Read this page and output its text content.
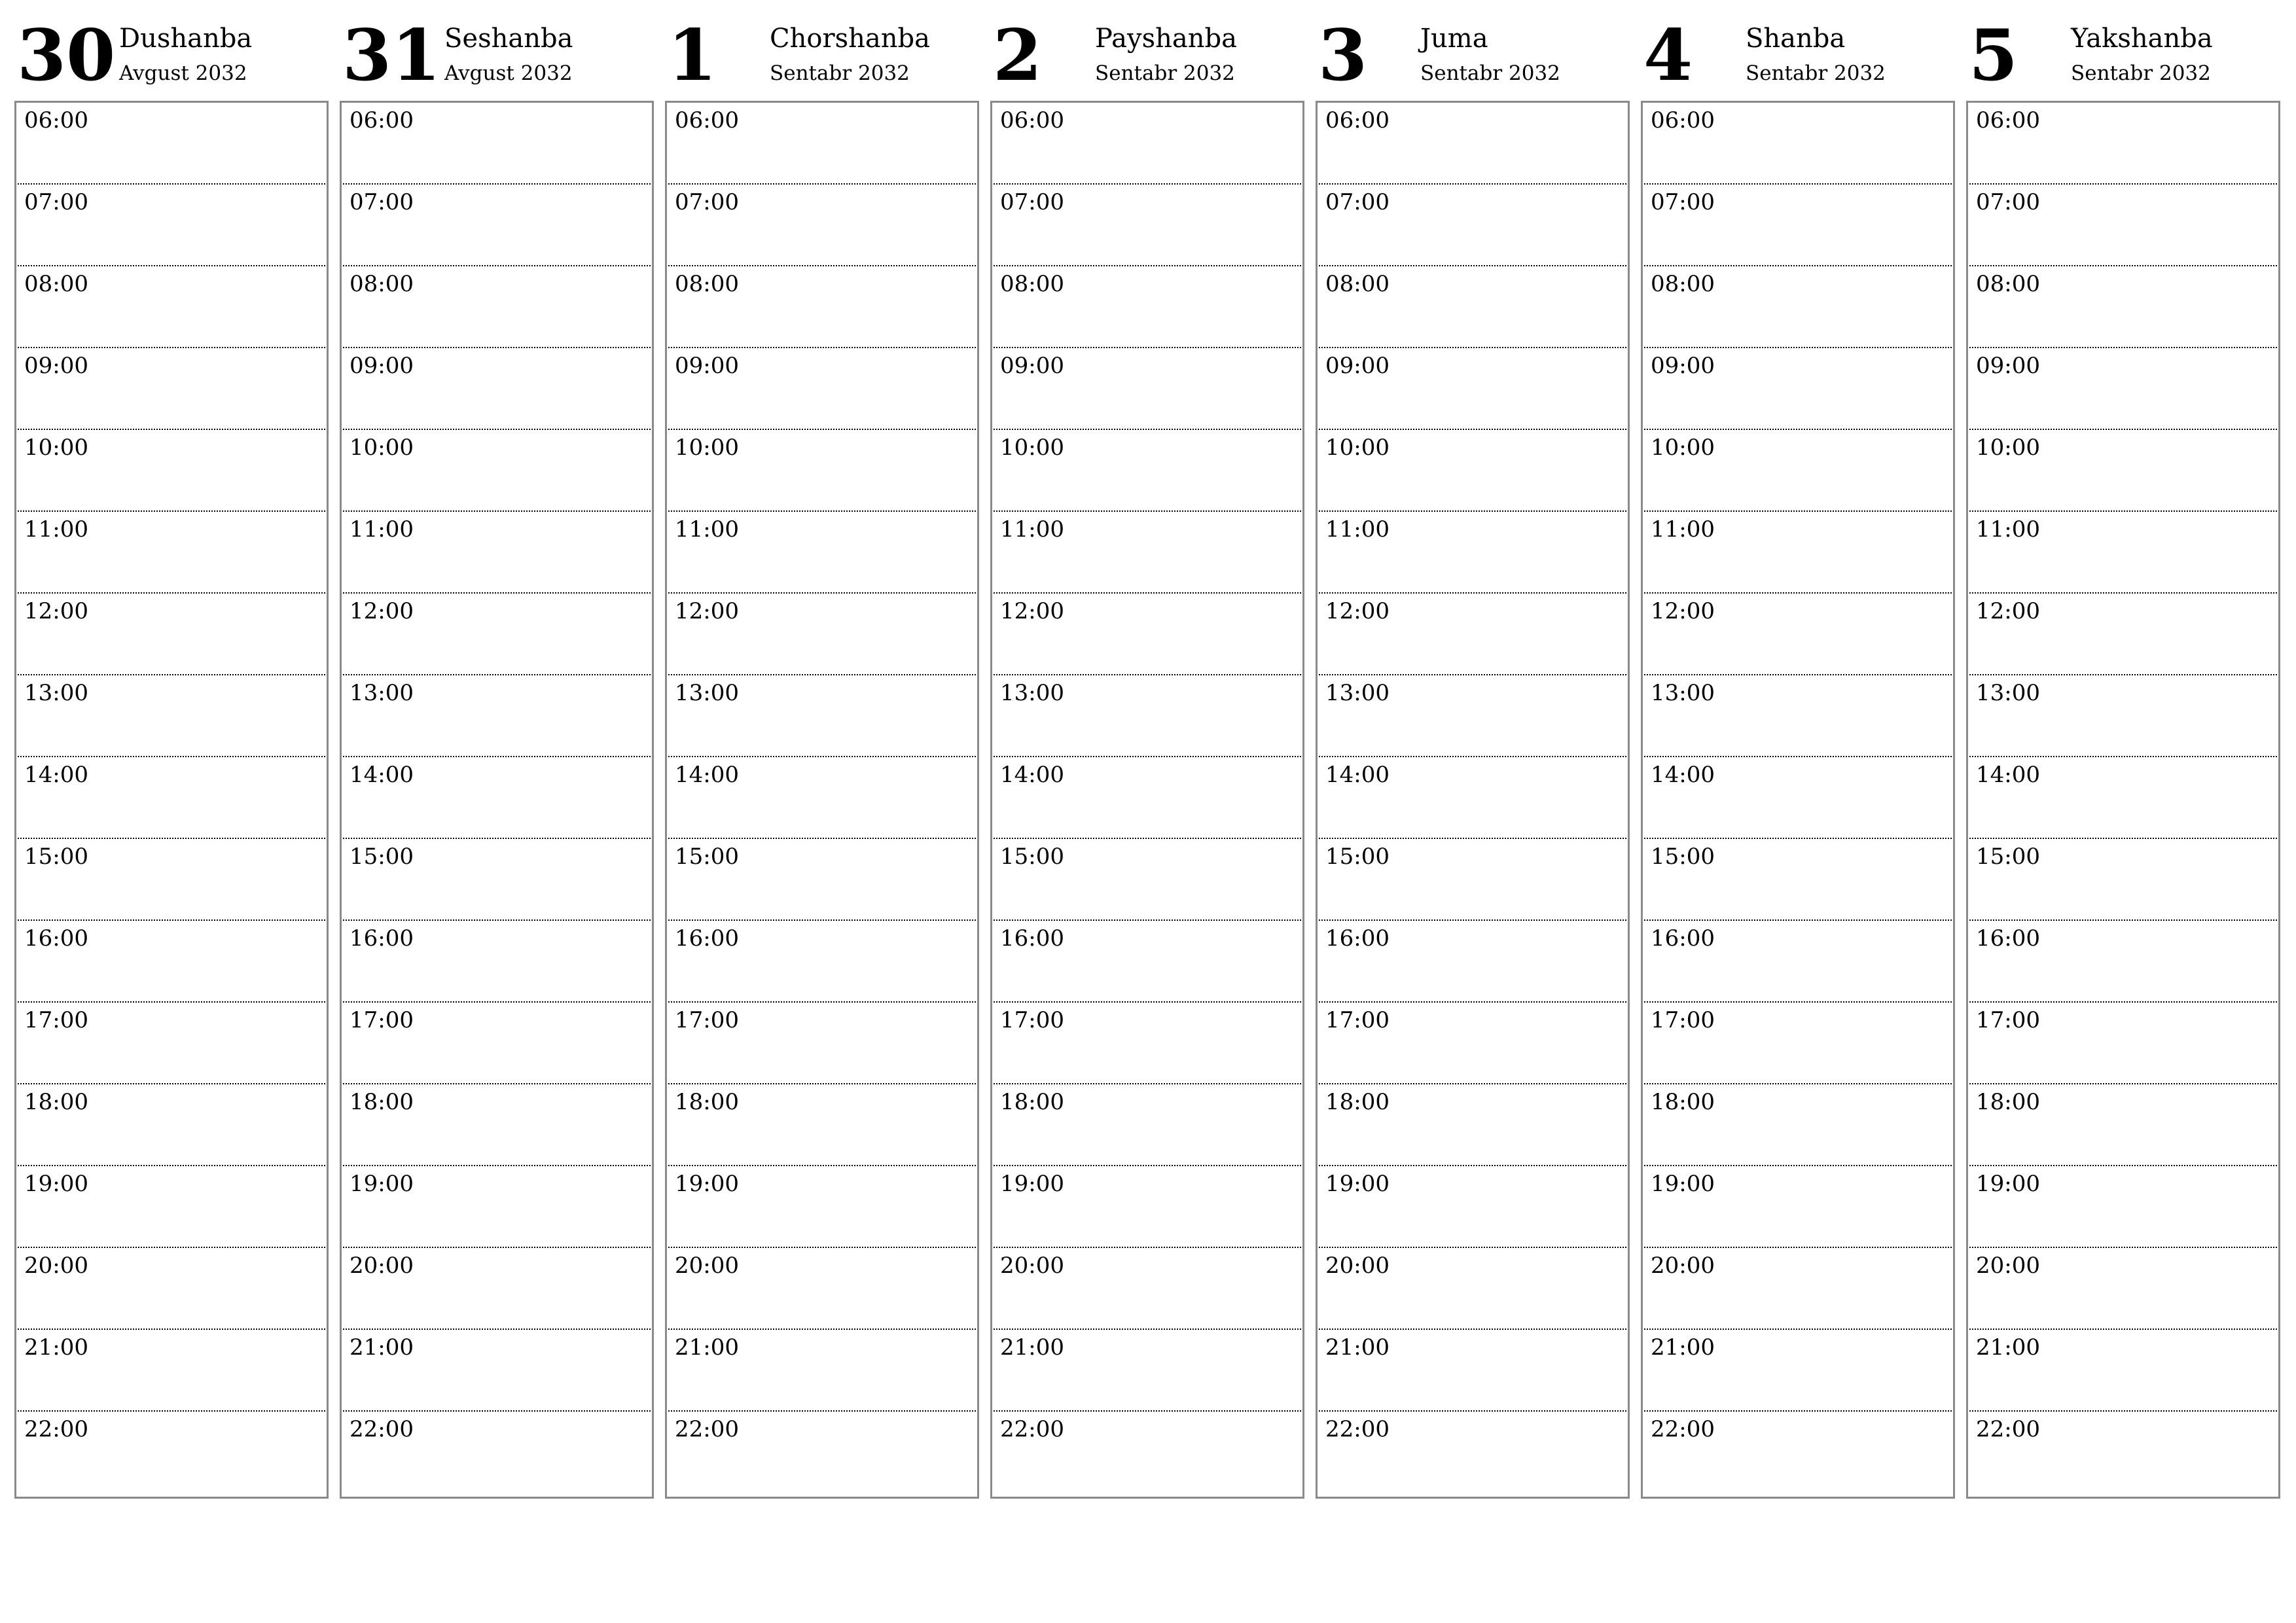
30 Dushanba
Avgust 2032
06:00
07:00
08:00
09:00
10:00
11:00
12:00
13:00
14:00
15:00
16:00
17:00
18:00
19:00
20:00
21:00
22:00
31 Seshanba
Avgust 2032
06:00
07:00
08:00
09:00
10:00
11:00
12:00
13:00
14:00
15:00
16:00
17:00
18:00
19:00
20:00
21:00
22:00
1 Chorshanba
Sentabr 2032
06:00
07:00
08:00
09:00
10:00
11:00
12:00
13:00
14:00
15:00
16:00
17:00
18:00
19:00
20:00
21:00
22:00
2 Payshanba
Sentabr 2032
06:00
07:00
08:00
09:00
10:00
11:00
12:00
13:00
14:00
15:00
16:00
17:00
18:00
19:00
20:00
21:00
22:00
3 Juma
Sentabr 2032
06:00
07:00
08:00
09:00
10:00
11:00
12:00
13:00
14:00
15:00
16:00
17:00
18:00
19:00
20:00
21:00
22:00
4 Shanba
Sentabr 2032
06:00
07:00
08:00
09:00
10:00
11:00
12:00
13:00
14:00
15:00
16:00
17:00
18:00
19:00
20:00
21:00
22:00
5 Yakshanba
Sentabr 2032
06:00
07:00
08:00
09:00
10:00
11:00
12:00
13:00
14:00
15:00
16:00
17:00
18:00
19:00
20:00
21:00
22:00
